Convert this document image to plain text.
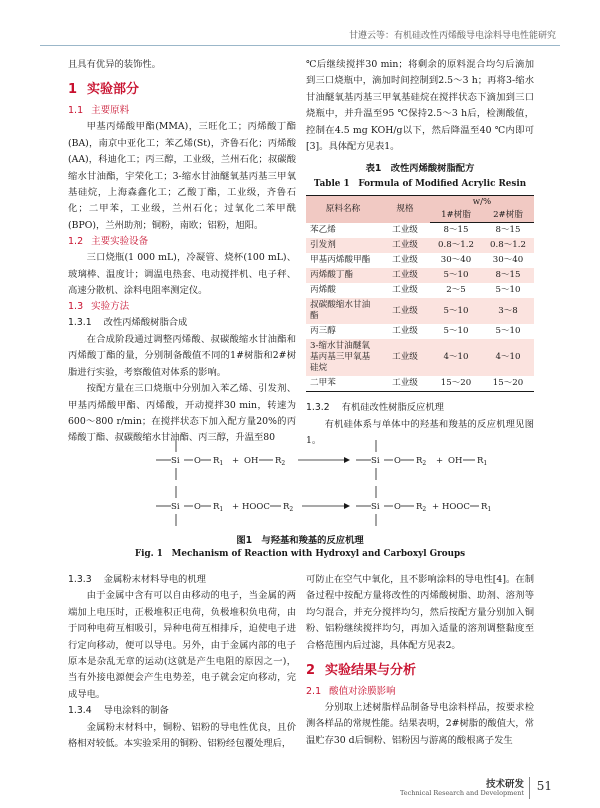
甘遵云等：有机硅改性丙烯酸导电涂料导电性能研究

且具有优异的装饰性。

1 实验部分
1.1 主要原料

甲基丙烯酸甲酯(MMA)，三旺化工；丙烯酸丁酯(BA)，南京中亚化工；苯乙烯(St)，齐鲁石化；丙烯酸(AA)，科迪化工；丙三醇，工业级，兰州石化；叔碳酸缩水甘油酯，宇荣化工；3-缩水甘油醚氧基丙基三甲氧基硅烷，上海森鑫化工；乙酸丁酯，工业级，齐鲁石化；二甲苯，工业级，兰州石化；过氧化二苯甲酰(BPO)，兰州助剂；铜粉，南欧；铝粉，旭阳。

1.2 主要实验设备

三口烧瓶(1 000 mL)，冷凝管、烧杯(100 mL)、玻璃棒、温度计；调温电热套、电动搅拌机、电子秤、高速分散机、涂料电阻率测定仪。

1.3 实验方法
1.3.1 改性丙烯酸树脂合成

在合成阶段通过调整丙烯酸、叔碳酸缩水甘油酯和丙烯酸丁酯的量，分别制备酸值不同的1#树脂和2#树脂进行实验，考察酸值对体系的影响。

按配方量在三口烧瓶中分别加入苯乙烯、引发剂、甲基丙烯酸甲酯、丙烯酸，开动搅拌30 min，转速为600～800 r/min；在搅拌状态下加入配方量20%的丙烯酸丁酯、叔碳酸缩水甘油酯、丙三醇，升温至80

℃后继续搅拌30 min；将剩余的原料混合均匀后滴加到三口烧瓶中，滴加时间控制到2.5～3 h；再将3-缩水甘油醚氧基丙基三甲氧基硅烷在搅拌状态下滴加到三口烧瓶中，并升温至95 ℃保持2.5～3 h后，检测酸值，控制在4.5 mg KOH/g以下，然后降温至40 ℃内即可[3]。具体配方见表1。

表1　改性丙烯酸树脂配方
Table 1　Formula of Modified Acrylic Resin
原料名称	规格	w/%	
		1#树脂	2#树脂
苯乙烯	工业级	8～15	8～15
引发剂	工业级	0.8～1.2	0.8～1.2
甲基丙烯酸甲酯	工业级	30～40	30～40
丙烯酸丁酯	工业级	5～10	8～15
丙烯酸	工业级	2～5	5～10
叔碳酸缩水甘油酯	工业级	5～10	3～8
丙三醇	工业级	5～10	5～10
3-缩水甘油醚氧基丙基三甲氧基硅烷	工业级	4～10	4～10
二甲苯	工业级	15～20	15～20
1.3.2 有机硅改性树脂反应机理

有机硅体系与单体中的羟基和羧基的反应机理见图1。

Si O $R_1$ + OH $R_2$	Si O $R_2$ + OH $R_1$
Si O $R_1$ + HOOC $R_2$	Si O $R_2$ + HOOC $R_1$
图1　与羟基和羧基的反应机理
Fig. 1　Mechanism of Reaction with Hydroxyl and Carboxyl Groups
1.3.3 金属粉末材料导电的机理

由于金属中含有可以自由移动的电子，当金属的两端加上电压时，正极堆积正电荷，负极堆积负电荷，由于同种电荷互相吸引，异种电荷互相排斥，迫使电子进行定向移动，便可以导电。另外，由于金属内部的电子原本是杂乱无章的运动(这就是产生电阻的原因之一)，当有外接电源便会产生电势差，电子就会定向移动，完成导电。

1.3.4 导电涂料的制备

金属粉末材料中，铜粉、铝粉的导电性优良，且价格相对较低。本实验采用的铜粉、铝粉经包覆处理后，

可防止在空气中氧化，且不影响涂料的导电性[4]。在制备过程中按配方量将改性的丙烯酸树脂、助剂、溶剂等均匀混合，并充分搅拌均匀，然后按配方量分别加入铜粉、铝粉继续搅拌均匀，再加入适量的溶剂调整黏度至合格范围内后过滤，具体配方见表2。

2 实验结果与分析
2.1 酸值对涂膜影响

分别取上述树脂样品制备导电涂料样品，按要求检测各样品的常规性能。结果表明，2#树脂的酸值大，常温贮存30 d后铜粉、铝粉因与游离的酸根离子发生

技术研发
Technical Research and Development 51
